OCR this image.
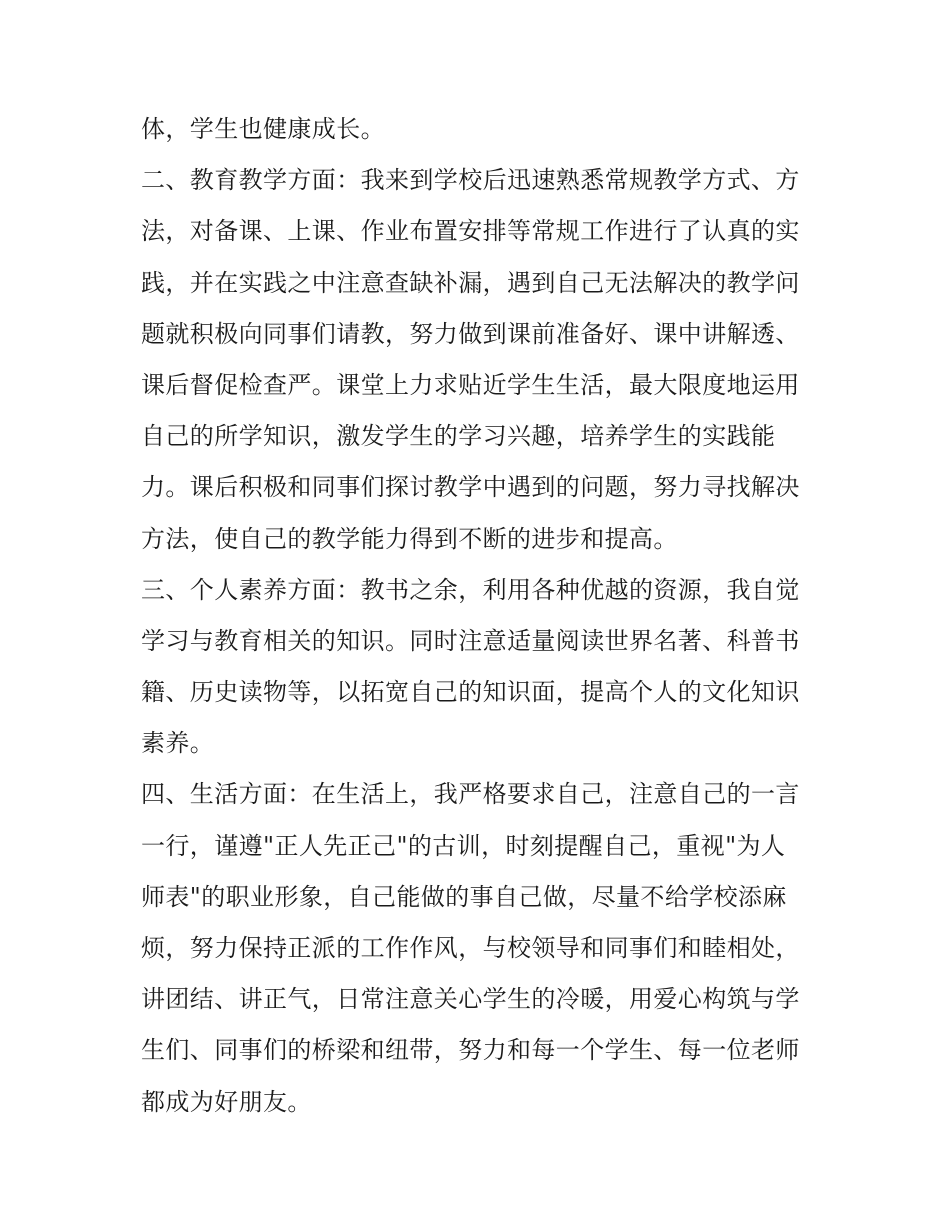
体，学生也健康成长。
二、教育教学方面：我来到学校后迅速熟悉常规教学方式、方
法，对备课、上课、作业布置安排等常规工作进行了认真的实
践，并在实践之中注意查缺补漏，遇到自己无法解决的教学问
题就积极向同事们请教，努力做到课前准备好、课中讲解透、
课后督促检查严。课堂上力求贴近学生生活，最大限度地运用
自己的所学知识，激发学生的学习兴趣，培养学生的实践能
力。课后积极和同事们探讨教学中遇到的问题，努力寻找解决
方法，使自己的教学能力得到不断的进步和提高。
三、个人素养方面：教书之余，利用各种优越的资源，我自觉
学习与教育相关的知识。同时注意适量阅读世界名著、科普书
籍、历史读物等，以拓宽自己的知识面，提高个人的文化知识
素养。
四、生活方面：在生活上，我严格要求自己，注意自己的一言
一行，谨遵"正人先正己"的古训，时刻提醒自己，重视"为人
师表"的职业形象，自己能做的事自己做，尽量不给学校添麻
烦，努力保持正派的工作作风，与校领导和同事们和睦相处，
讲团结、讲正气，日常注意关心学生的冷暖，用爱心构筑与学
生们、同事们的桥梁和纽带，努力和每一个学生、每一位老师
都成为好朋友。
